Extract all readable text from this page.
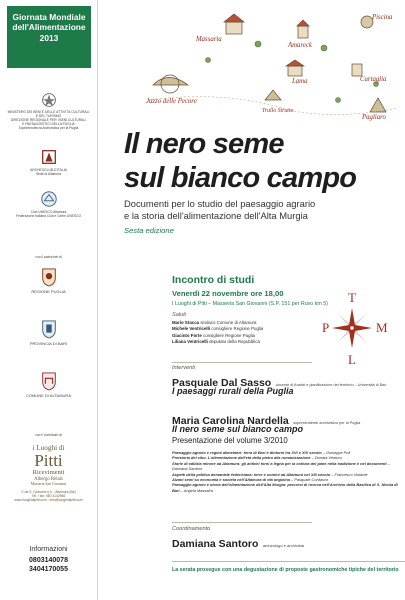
Giornata Mondiale
dell'Alimentazione
2013
MINISTERO DEI BENI E DELLE ATTIVITÀ CULTURALI
E DEL TURISMO
DIREZIONE REGIONALE PER I BENI CULTURALI
E PAESAGGISTICI DELLA PUGLIA
Soprintendenza Archivistica per la Puglia
ARCHEOCLUB D'ITALIA
Sede di Altamura
Club UNESCO Altamura
Federazione Italiana Club e Centri UNESCO
con il patrocinio di
REGIONE PUGLIA
PROVINCIA DI BARI
COMUNE DI ALTAMURA
con il contributo di
i Luoghi di
Pitti
Ricevimenti
Albergo Relais
Masseria San Giovanni
C.da S. Giovanni s.n. - Altamura (Ba)
Tel. / fax: 080 3142966
www.iluoghidipitti.com - info@iluoghidipitti.com
Informazioni
0803140078
3404170055
Massaria
Amareck
Piscina
Lama	Curtaglia
Jazzo delle Pecore
Trullo Strutto
Pagliaro
Il nero seme
sul bianco campo
Documenti per lo studio del paesaggio agrario
e la storia dell'alimentazione dell'Alta Murgia
Sesta edizione
Incontro di studi
Venerdì 22 novembre ore 18,00
I Luoghi di Pitti – Masseria San Giovanni (S.P. 151 per Ruvo km 5) T
P	M
L
Saluti
Mario Stacca sindaco Comune di Altamura
Michele Ventricelli consigliere Regione Puglia
Giacinto Forte consigliere Regione Puglia
Liliana Ventricelli deputato della Repubblica
Interventi
Pasquale Dal Sasso docente di Analisi e pianificazione del territorio – Università di Bari
I paesaggi rurali della Puglia
Maria Carolina Nardella soprintendente archivistico per la Puglia
Il nero seme sul bianco campo
Presentazione del volume 3/2010
Paesaggio agrario e regimi alimentari: terra di Bari e dintorni tra XVI e XIX secolo – Giuseppe Poli
Preistoria del cibo. L'alimentazione dall'età della pietra alla romanizzazione – Donata Venturo
Storie di edilizia minore ad Altamura: gli antichi forni a legna per la cottura del pane nella tradizione e nei documenti – Damiana Santoro
Aspetti della politica demaniale federiciana: terre e uomini ad Altamura nel XIII secolo – Francesco Violante
Alzani semi su economia e società nell'Altamura di età angioina – Pasquale Cordasco
Paesaggio agrario e storia dell'alimentazione dell'Alta Murgia: percorsi di ricerca nell'Archivio della Basilica di S. Nicola di Bari – Angela Massafra
Coordinamento
Damiana Santoro archeologo e archivista
La serata prosegue con una degustazione di proposte gastronomiche tipiche del territorio
